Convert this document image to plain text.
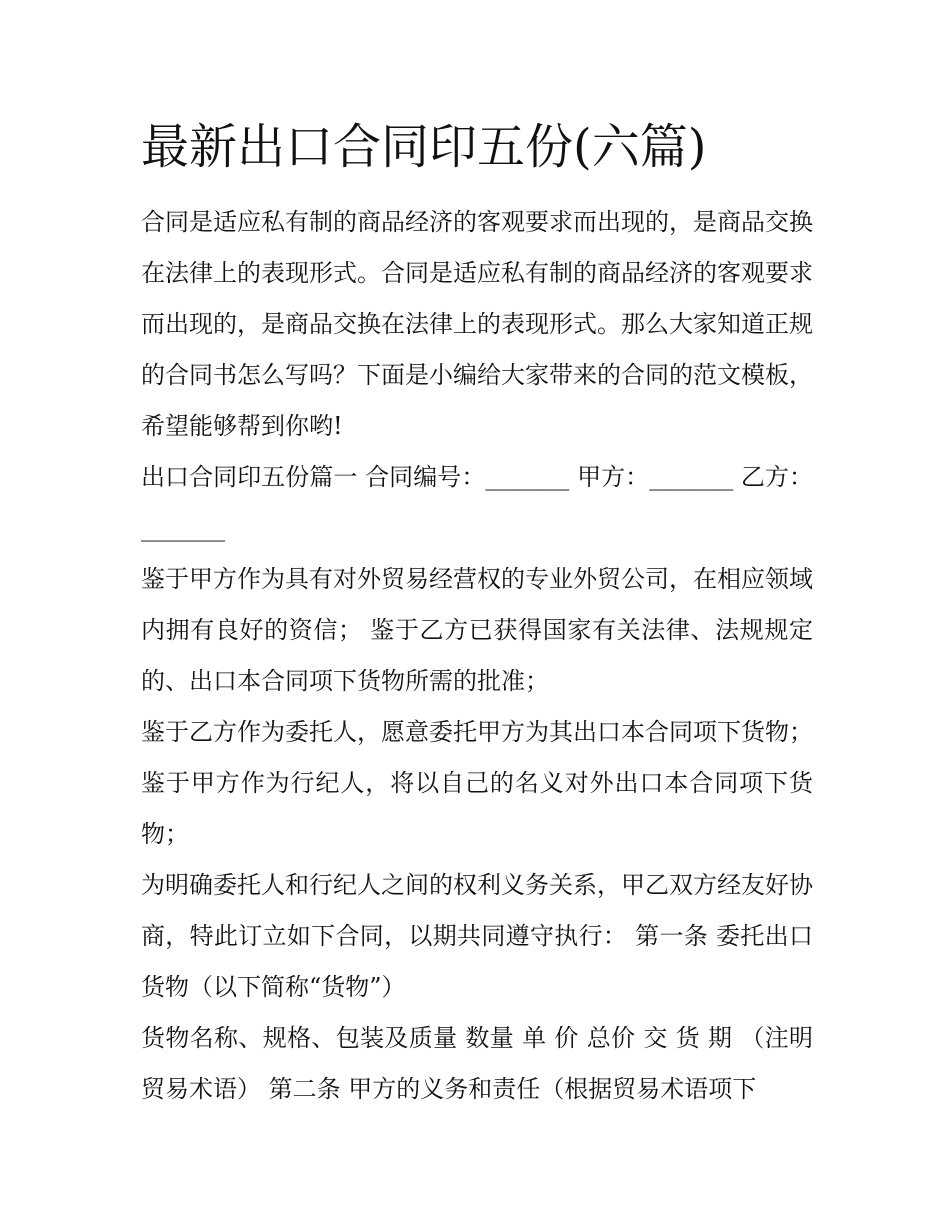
最新出口合同印五份(六篇)

合同是适应私有制的商品经济的客观要求而出现的，是商品交换在法律上的表现形式。合同是适应私有制的商品经济的客观要求而出现的，是商品交换在法律上的表现形式。那么大家知道正规的合同书怎么写吗？下面是小编给大家带来的合同的范文模板，希望能够帮到你哟!

出口合同印五份篇一 合同编号：_______ 甲方：_______ 乙方：_______

鉴于甲方作为具有对外贸易经营权的专业外贸公司，在相应领域内拥有良好的资信； 鉴于乙方已获得国家有关法律、法规规定的、出口本合同项下货物所需的批准；

鉴于乙方作为委托人，愿意委托甲方为其出口本合同项下货物； 鉴于甲方作为行纪人，将以自己的名义对外出口本合同项下货物；

为明确委托人和行纪人之间的权利义务关系，甲乙双方经友好协商，特此订立如下合同，以期共同遵守执行： 第一条 委托出口货物（以下简称“货物”）

货物名称、规格、包装及质量 数量 单 价 总价 交 货 期 （注明贸易术语） 第二条 甲方的义务和责任（根据贸易术语项下
